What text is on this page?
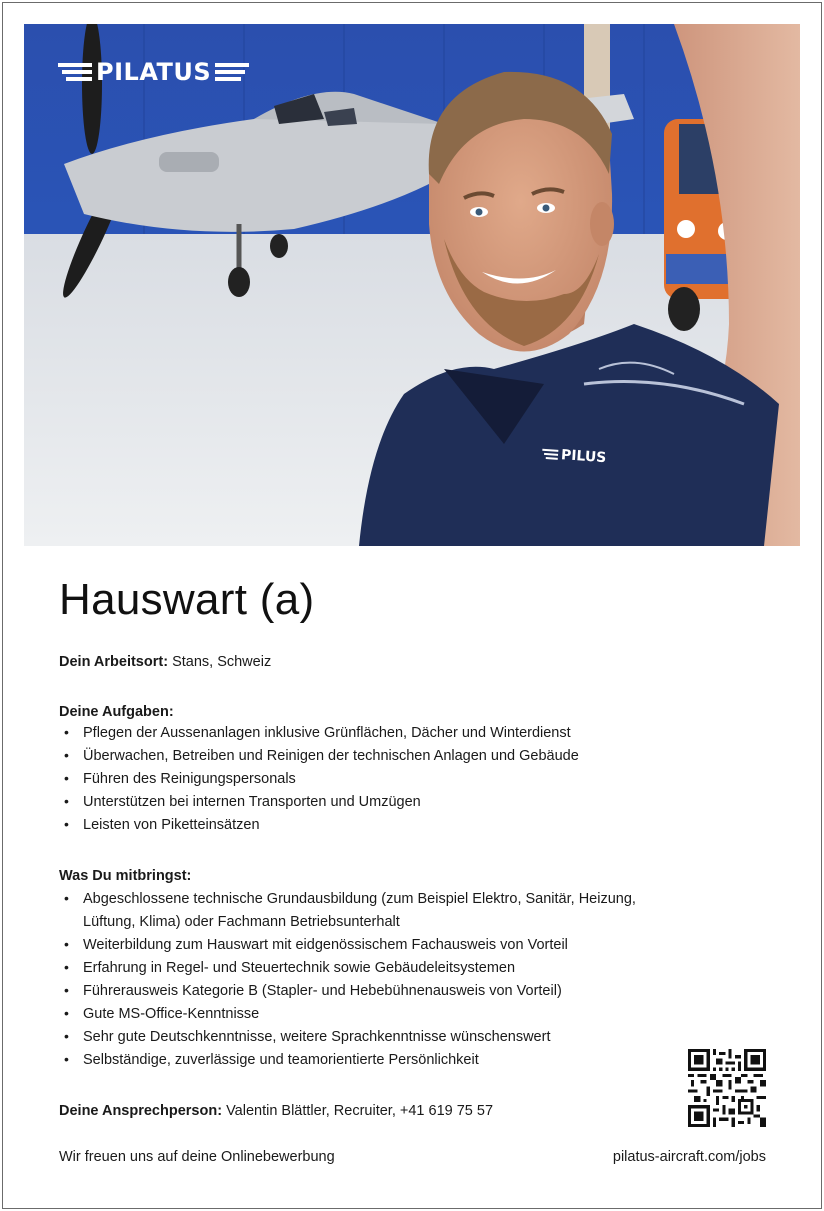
PILATUS
PILUS
Hauswart (a)
Dein Arbeitsort: Stans, Schweiz
Deine Aufgaben:
• Pflegen der Aussenanlagen inklusive Grünflächen, Dächer und Winterdienst
• Überwachen, Betreiben und Reinigen der technischen Anlagen und Gebäude
• Führen des Reinigungspersonals
• Unterstützen bei internen Transporten und Umzügen
• Leisten von Piketteinsätzen
Was Du mitbringst:
• Abgeschlossene technische Grundausbildung (zum Beispiel Elektro, Sanitär, Heizung,
Lüftung, Klima) oder Fachmann Betriebsunterhalt
• Weiterbildung zum Hauswart mit eidgenössischem Fachausweis von Vorteil
• Erfahrung in Regel- und Steuertechnik sowie Gebäudeleitsystemen
• Führerausweis Kategorie B (Stapler- und Hebebühnenausweis von Vorteil)
• Gute MS-Office-Kenntnisse
• Sehr gute Deutschkenntnisse, weitere Sprachkenntnisse wünschenswert
• Selbständige, zuverlässige und teamorientierte Persönlichkeit
Deine Ansprechperson: Valentin Blättler, Recruiter, +41 619 75 57
Wir freuen uns auf deine Onlinebewerbung	pilatus-aircraft.com/jobs
